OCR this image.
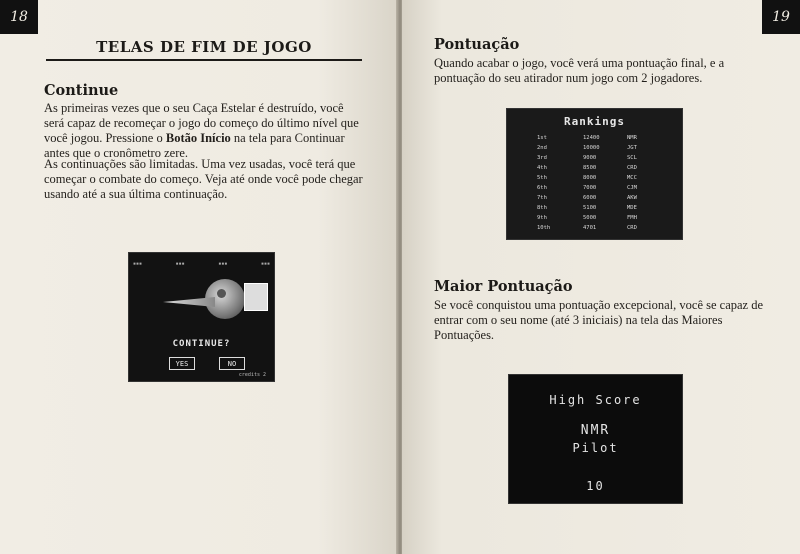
18
TELAS DE FIM DE JOGO
Continue
As primeiras vezes que o seu Caça Estelar é destruído, você será capaz de recomeçar o jogo do começo do último nível que você jogou. Pressione o Botão Início na tela para Continuar antes que o cronômetro zere.
As continuações são limitadas. Uma vez usadas, você terá que começar o combate do começo. Veja até onde você pode chegar usando até a sua última continuação.
▪▪▪	▪▪▪	▪▪▪	▪▪▪
CONTINUE?
YES	NO
credits 2
19
Pontuação
Quando acabar o jogo, você verá uma pontuação final, e a pontuação do seu atirador num jogo com 2 jogadores.
Maior Pontuação
Se você conquistou uma pontuação excepcional, você se capaz de entrar com o seu nome (até 3 iniciais) na tela das Maiores Pontuações.
Rankings
1st	12400	NMR
2nd	10000	JGT
3rd	9000	SCL
4th	8500	CRD
5th	8000	MCC
6th	7000	CJM
7th	6000	AKW
8th	5100	MDE
9th	5000	FMH
10th	4701	CRD
High Score
NMR
Pilot
10
